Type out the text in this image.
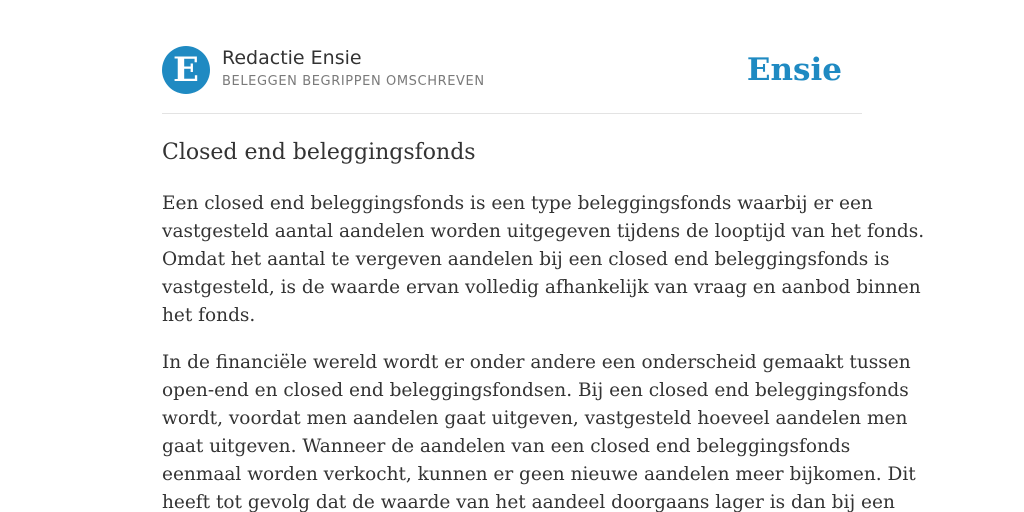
E	Redactie Ensie
BELEGGEN BEGRIPPEN OMSCHREVEN	Ensie
Closed end beleggingsfonds

Een closed end beleggingsfonds is een type beleggingsfonds waarbij er een
vastgesteld aantal aandelen worden uitgegeven tijdens de looptijd van het fonds.
Omdat het aantal te vergeven aandelen bij een closed end beleggingsfonds is
vastgesteld, is de waarde ervan volledig afhankelijk van vraag en aanbod binnen
het fonds.

In de financiële wereld wordt er onder andere een onderscheid gemaakt tussen
open-end en closed end beleggingsfondsen. Bij een closed end beleggingsfonds
wordt, voordat men aandelen gaat uitgeven, vastgesteld hoeveel aandelen men
gaat uitgeven. Wanneer de aandelen van een closed end beleggingsfonds
eenmaal worden verkocht, kunnen er geen nieuwe aandelen meer bijkomen. Dit
heeft tot gevolg dat de waarde van het aandeel doorgaans lager is dan bij een
